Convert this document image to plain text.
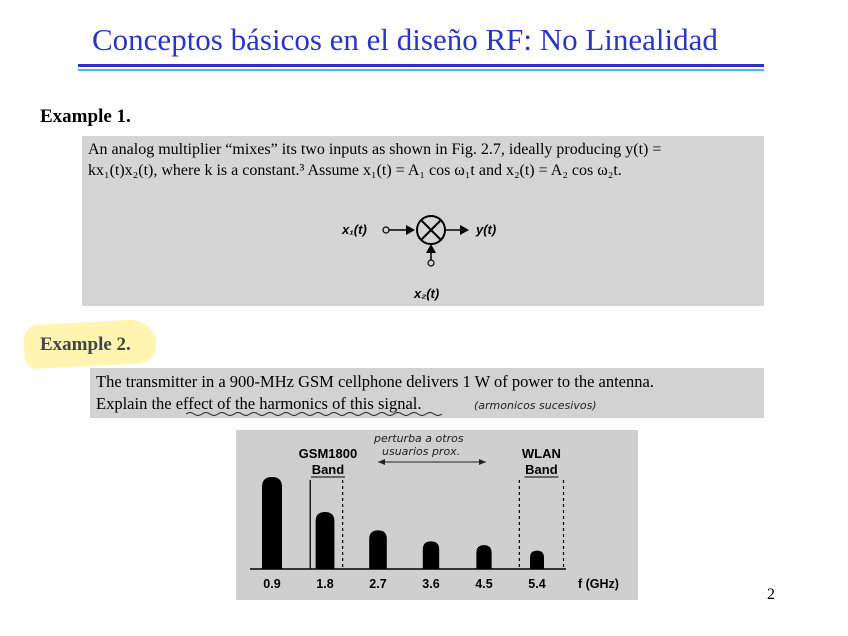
Conceptos básicos en el diseño RF: No Linealidad
Example 1.
An analog multiplier “mixes” its two inputs as shown in Fig. 2.7, ideally producing y(t) =
kx₁(t)x₂(t), where k is a constant.³ Assume x₁(t) = A₁ cos ω₁t and x₂(t) = A₂ cos ω₂t.
x₁(t)	y(t)
x₂(t)
Example 2.
The transmitter in a 900-MHz GSM cellphone delivers 1 W of power to the antenna.
Explain the effect of the harmonics of this signal.	(armonicos sucesivos)
perturba a otros
usuarios prox.
0.9	1.8	2.7	3.6	4.5	5.4	f (GHz)
GSM1800
Band
WLAN
Band
2
